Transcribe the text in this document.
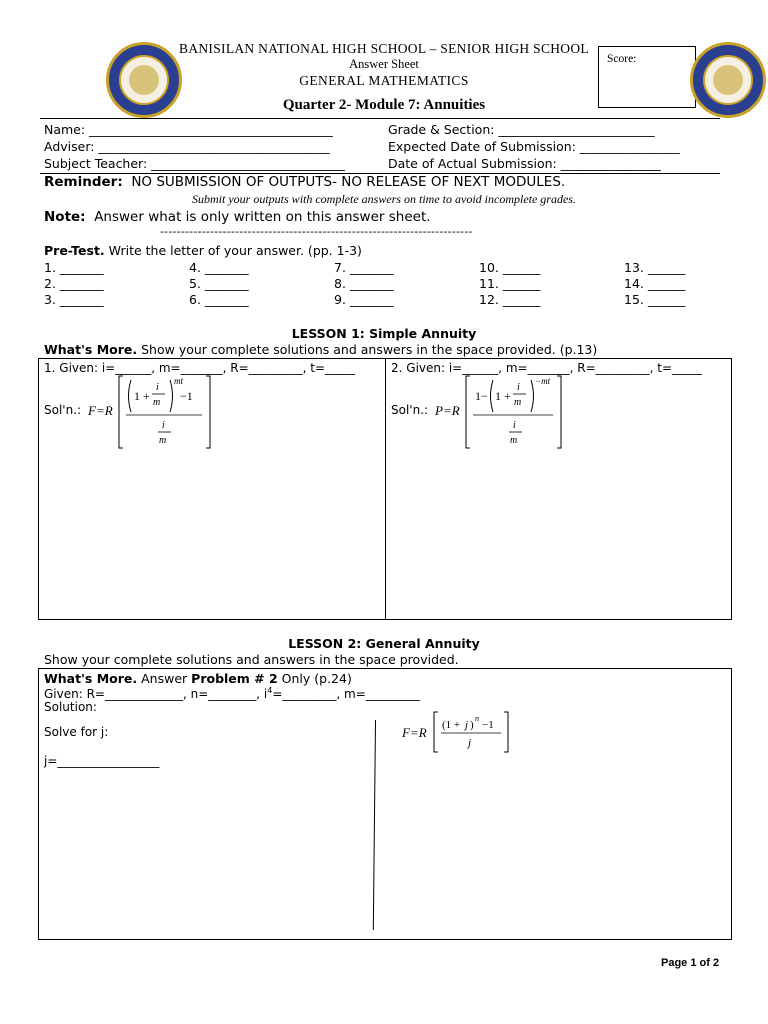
BANISILAN NATIONAL HIGH SCHOOL – SENIOR HIGH SCHOOL
Answer Sheet
GENERAL MATHEMATICS
Quarter 2- Module 7: Annuities
Score:
Name: _______________________________________	Grade & Section: _________________________
Adviser: _____________________________________	Expected Date of Submission: ________________
Subject Teacher: _______________________________	Date of Actual Submission: ________________
Reminder: NO SUBMISSION OF OUTPUTS- NO RELEASE OF NEXT MODULES.
Submit your outputs with complete answers on time to avoid incomplete grades.
Note: Answer what is only written on this answer sheet.
---------------------------------------------------------------------------
Pre-Test. Write the letter of your answer. (pp. 1-3)
1. _______	4. _______	7. _______	10. ______	13. ______
2. _______	5. _______	8. _______	11. ______	14. ______
3. _______	6. _______	9. _______	12. ______	15. ______
LESSON 1: Simple Annuity
What's More. Show your complete solutions and answers in the space provided. (p.13)
1. Given: i=______, m=_______, R=_________, t=_____	2. Given: i=______, m=_______, R=_________, t=_____
Sol'n.: F=R
1 +
i
m
mt
−1
i
m
Sol'n.: P=R
1− 1 +
i
m
−mt
i
m
LESSON 2: General Annuity
Show your complete solutions and answers in the space provided.
What's More. Answer Problem # 2 Only (p.24)
Given: R=_____________, n=________, $i^4=\_\_\_\_\_\_\_\_\_$, m=_________
Solution:
Solve for j:
j=_________________
F=R (1 + j )
n
−1
j
Page 1 of 2
